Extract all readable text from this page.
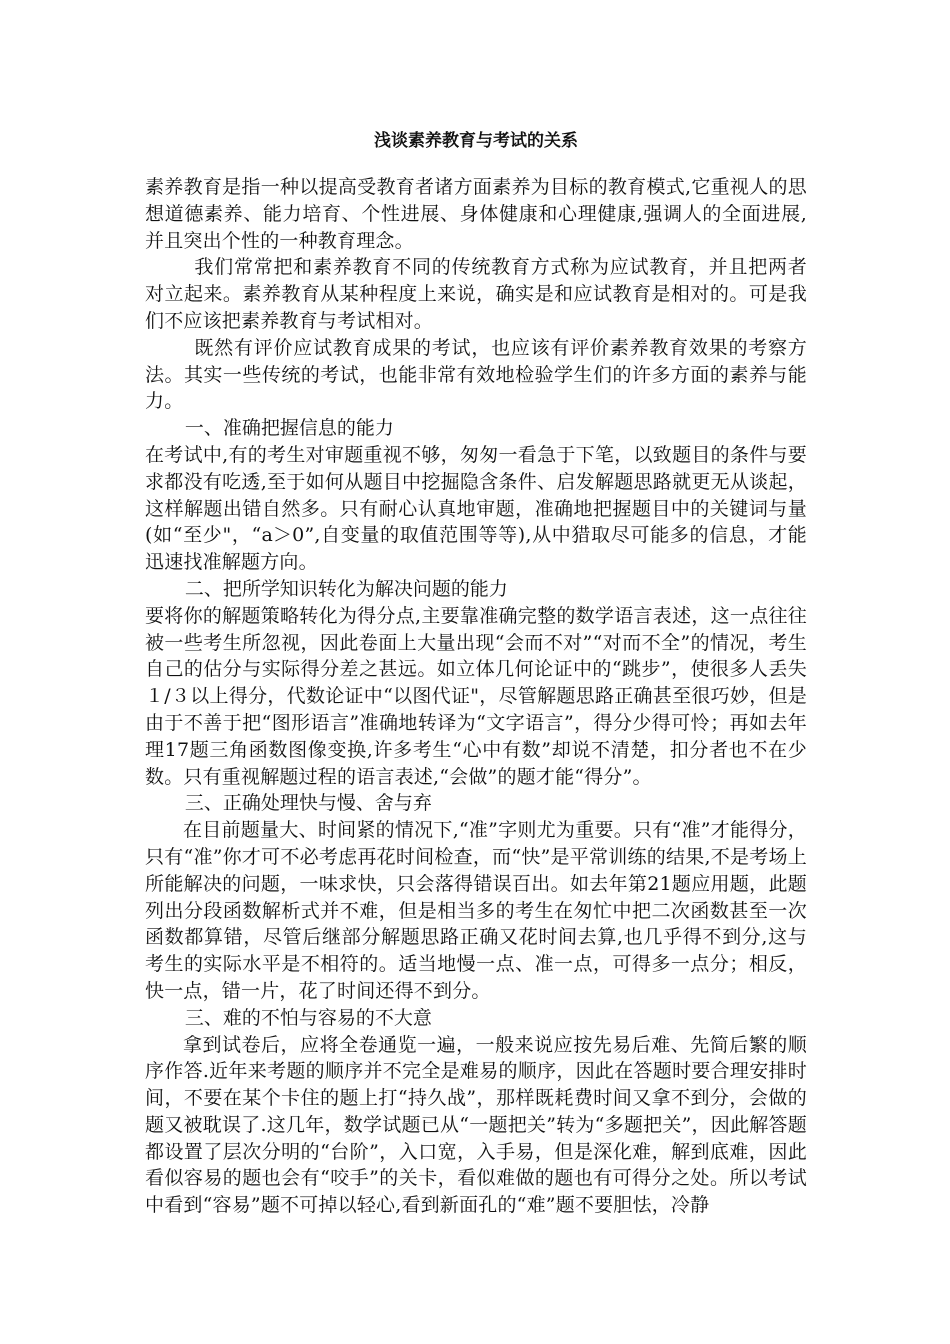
浅谈素养教育与考试的关系

素养教育是指一种以提高受教育者诸方面素养为目标的教育模式,它重视人的思想道德素养、能力培育、个性进展、身体健康和心理健康,强调人的全面进展,并且突出个性的一种教育理念。

我们常常把和素养教育不同的传统教育方式称为应试教育，并且把两者对立起来。素养教育从某种程度上来说，确实是和应试教育是相对的。可是我们不应该把素养教育与考试相对。

既然有评价应试教育成果的考试，也应该有评价素养教育效果的考察方法。其实一些传统的考试，也能非常有效地检验学生们的许多方面的素养与能力。

一、准确把握信息的能力

在考试中,有的考生对审题重视不够，匆匆一看急于下笔，以致题目的条件与要求都没有吃透,至于如何从题目中挖掘隐含条件、启发解题思路就更无从谈起，这样解题出错自然多。只有耐心认真地审题，准确地把握题目中的关键词与量(如“至少"，“a＞0”,自变量的取值范围等等),从中猎取尽可能多的信息，才能迅速找准解题方向。

二、把所学知识转化为解决问题的能力

要将你的解题策略转化为得分点,主要靠准确完整的数学语言表述，这一点往往被一些考生所忽视，因此卷面上大量出现“会而不对”“对而不全”的情况，考生自己的估分与实际得分差之甚远。如立体几何论证中的“跳步”，使很多人丢失１/３以上得分，代数论证中“以图代证"，尽管解题思路正确甚至很巧妙，但是由于不善于把“图形语言”准确地转译为“文字语言”，得分少得可怜；再如去年理17题三角函数图像变换,许多考生“心中有数”却说不清楚，扣分者也不在少数。只有重视解题过程的语言表述,“会做”的题才能“得分”。

三、正确处理快与慢、舍与弃

在目前题量大、时间紧的情况下,“准”字则尤为重要。只有“准”才能得分，只有“准”你才可不必考虑再花时间检查，而“快”是平常训练的结果,不是考场上所能解决的问题，一味求快，只会落得错误百出。如去年第21题应用题，此题列出分段函数解析式并不难，但是相当多的考生在匆忙中把二次函数甚至一次函数都算错，尽管后继部分解题思路正确又花时间去算,也几乎得不到分,这与考生的实际水平是不相符的。适当地慢一点、准一点，可得多一点分；相反，快一点，错一片，花了时间还得不到分。

三、难的不怕与容易的不大意

拿到试卷后，应将全卷通览一遍，一般来说应按先易后难、先简后繁的顺序作答.近年来考题的顺序并不完全是难易的顺序，因此在答题时要合理安排时间，不要在某个卡住的题上打“持久战”，那样既耗费时间又拿不到分，会做的题又被耽误了.这几年，数学试题已从“一题把关”转为“多题把关”，因此解答题都设置了层次分明的“台阶”，入口宽，入手易，但是深化难，解到底难，因此看似容易的题也会有“咬手”的关卡，看似难做的题也有可得分之处。所以考试中看到“容易”题不可掉以轻心,看到新面孔的“难”题不要胆怯，冷静
